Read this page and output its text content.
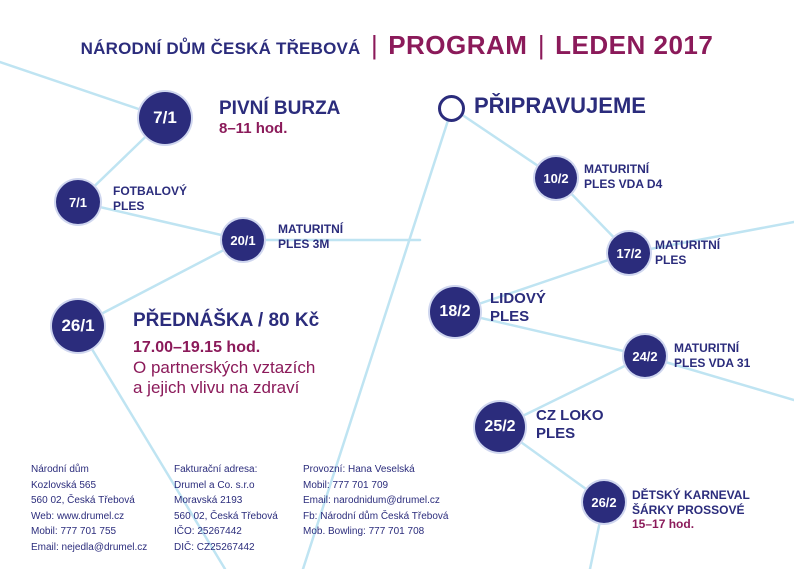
NÁRODNÍ DŮM ČESKÁ TŘEBOVÁ | PROGRAM | LEDEN 2017
7/1 PIVNÍ BURZA
8–11 hod.
7/1
FOTBALOVÝ
PLES
20/1
MATURITNÍ
PLES 3M
26/1 PŘEDNÁŠKA / 80 Kč
17.00–19.15 hod.
O partnerských vztazích
a jejich vlivu na zdraví
PŘIPRAVUJEME
10/2
MATURITNÍ
PLES VDA D4
17/2
MATURITNÍ
PLES
18/2
LIDOVÝ
PLES
24/2
MATURITNÍ
PLES VDA 31
25/2
CZ LOKO
PLES
26/2 DĚTSKÝ KARNEVAL
ŠÁRKY PROSSOVÉ
15–17 hod.
Národní dům
Kozlovská 565
560 02, Česká Třebová
Web: www.drumel.cz
Mobil: 777 701 755
Email: nejedla@drumel.cz
Fakturační adresa:
Drumel a Co. s.r.o
Moravská 2193
560 02, Česká Třebová
IČO: 25267442
DIČ: CZ25267442
Provozní: Hana Veselská
Mobil: 777 701 709
Email: narodnidum@drumel.cz
Fb: Národní dům Česká Třebová
Mob. Bowling: 777 701 708
